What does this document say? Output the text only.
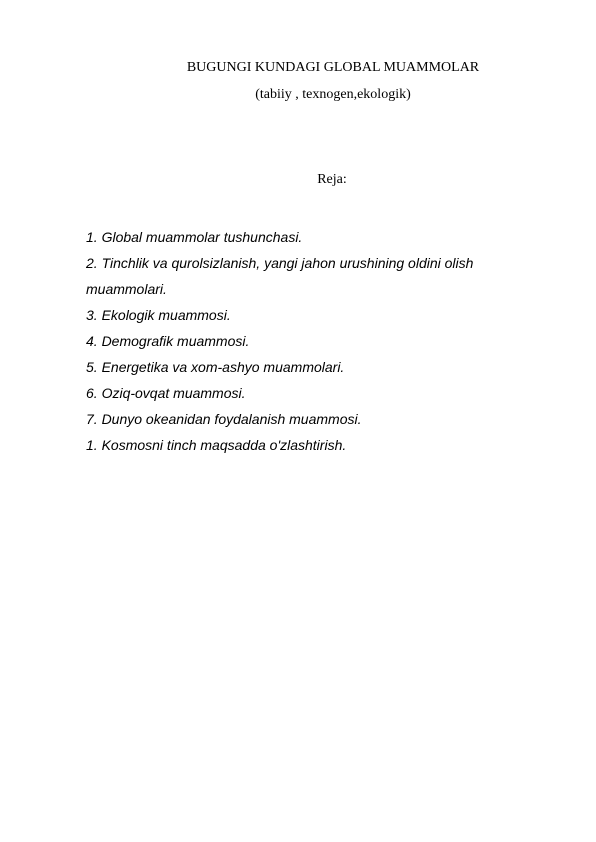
BUGUNGI KUNDAGI GLOBAL MUAMMOLAR
(tabiiy , texnogen,ekologik)
Reja:
1. Global muammolar tushunchasi.
2. Tinchlik va qurolsizlanish, yangi jahon urushining oldini olish muammolari.
3. Ekologik muammosi.
4. Demografik muammosi.
5. Energetika va xom-ashyo muammolari.
6. Oziq-ovqat muammosi.
7. Dunyo okeanidan foydalanish muammosi.
1. Kosmosni tinch maqsadda o'zlashtirish.
